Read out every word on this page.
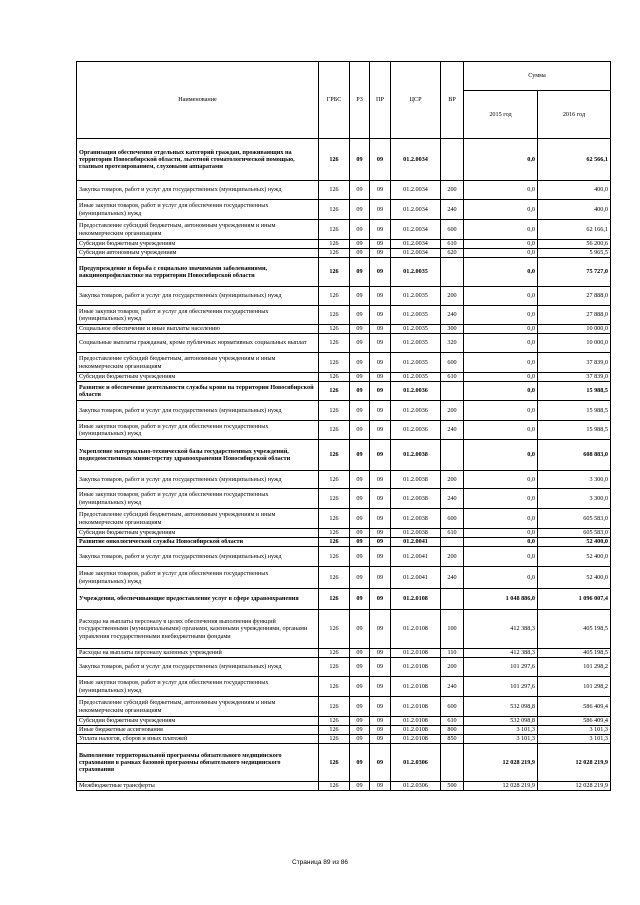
Наименование	ГРБС	РЗ	ПР	ЦСР	ВР	Сумма	
						2015 год	2016 год
Организация обеспечения отдельных категорий граждан, проживающих на территории Новосибирской области, льготной стоматологической помощью, глазным протезированием, слуховыми аппаратами	126	09	09	01.2.0034		0,0	62 566,1
Закупка товаров, работ и услуг для государственных (муниципальных) нужд	126	09	09	01.2.0034	200	0,0	400,0
Иные закупки товаров, работ и услуг для обеспечения государственных (муниципальных) нужд	126	09	09	01.2.0034	240	0,0	400,0
Предоставление субсидий бюджетным, автономным учреждениям и иным некоммерческим организациям	126	09	09	01.2.0034	600	0,0	62 166,1
Субсидии бюджетным учреждениям	126	09	09	01.2.0034	610	0,0	56 200,6
Субсидии автономным учреждениям	126	09	09	01.2.0034	620	0,0	5 965,5
Предупреждение и борьба с социально значимыми заболеваниями, вакцинопрофилактике на территории Новосибирской области	126	09	09	01.2.0035		0,0	75 727,0
Закупка товаров, работ и услуг для государственных (муниципальных) нужд	126	09	09	01.2.0035	200	0,0	27 888,0
Иные закупки товаров, работ и услуг для обеспечения государственных (муниципальных) нужд	126	09	09	01.2.0035	240	0,0	27 888,0
Социальное обеспечение и иные выплаты населению	126	09	09	01.2.0035	300	0,0	10 000,0
Социальные выплаты гражданам, кроме публичных нормативных социальных выплат	126	09	09	01.2.0035	320	0,0	10 000,0
Предоставление субсидий бюджетным, автономным учреждениям и иным некоммерческим организациям	126	09	09	01.2.0035	600	0,0	37 839,0
Субсидии бюджетным учреждениям	126	09	09	01.2.0035	610	0,0	37 839,0
Развитие и обеспечение деятельности службы крови на территории Новосибирской области	126	09	09	01.2.0036		0,0	15 988,5
Закупка товаров, работ и услуг для государственных (муниципальных) нужд	126	09	09	01.2.0036	200	0,0	15 988,5
Иные закупки товаров, работ и услуг для обеспечения государственных (муниципальных) нужд	126	09	09	01.2.0036	240	0,0	15 988,5
Укрепление материально-технической базы государственных учреждений, подведомственных министерству здравоохранения Новосибирской области	126	09	09	01.2.0038		0,0	608 883,0
Закупка товаров, работ и услуг для государственных (муниципальных) нужд	126	09	09	01.2.0038	200	0,0	3 300,0
Иные закупки товаров, работ и услуг для обеспечения государственных (муниципальных) нужд	126	09	09	01.2.0038	240	0,0	3 300,0
Предоставление субсидий бюджетным, автономным учреждениям и иным некоммерческим организациям	126	09	09	01.2.0038	600	0,0	605 583,0
Субсидии бюджетным учреждениям	126	09	09	01.2.0038	610	0,0	605 583,0
Развитие онкологической службы Новосибирской области	126	09	09	01.2.0041		0,0	52 400,0
Закупка товаров, работ и услуг для государственных (муниципальных) нужд	126	09	09	01.2.0041	200	0,0	52 400,0
Иные закупки товаров, работ и услуг для обеспечения государственных (муниципальных) нужд	126	09	09	01.2.0041	240	0,0	52 400,0
Учреждения, обеспечивающие предоставление услуг в сфере здравоохранения	126	09	09	01.2.0108		1 048 886,0	1 096 007,4
Расходы на выплаты персоналу в целях обеспечения выполнения функций государственными (муниципальными) органами, казенными учреждениями, органами управления государственными внебюджетными фондами	126	09	09	01.2.0108	100	412 388,3	405 198,5
Расходы на выплаты персоналу казенных учреждений	126	09	09	01.2.0108	110	412 388,3	405 198,5
Закупка товаров, работ и услуг для государственных (муниципальных) нужд	126	09	09	01.2.0108	200	101 297,6	101 298,2
Иные закупки товаров, работ и услуг для обеспечения государственных (муниципальных) нужд	126	09	09	01.2.0108	240	101 297,6	101 298,2
Предоставление субсидий бюджетным, автономным учреждениям и иным некоммерческим организациям	126	09	09	01.2.0108	600	532 098,8	586 409,4
Субсидии бюджетным учреждениям	126	09	09	01.2.0108	610	532 098,8	586 409,4
Иные бюджетные ассигнования	126	09	09	01.2.0108	800	3 101,3	3 101,3
Уплата налогов, сборов и иных платежей	126	09	09	01.2.0108	850	3 101,3	3 101,3
Выполнение территориальной программы обязательного медицинского страхования в рамках базовой программы обязательного медицинского страхования	126	09	09	01.2.0306		12 028 219,9	12 028 219,9
Межбюджетные трансферты	126	09	09	01.2.0306	500	12 028 219,9	12 028 219,9
Страница 89 из 86
